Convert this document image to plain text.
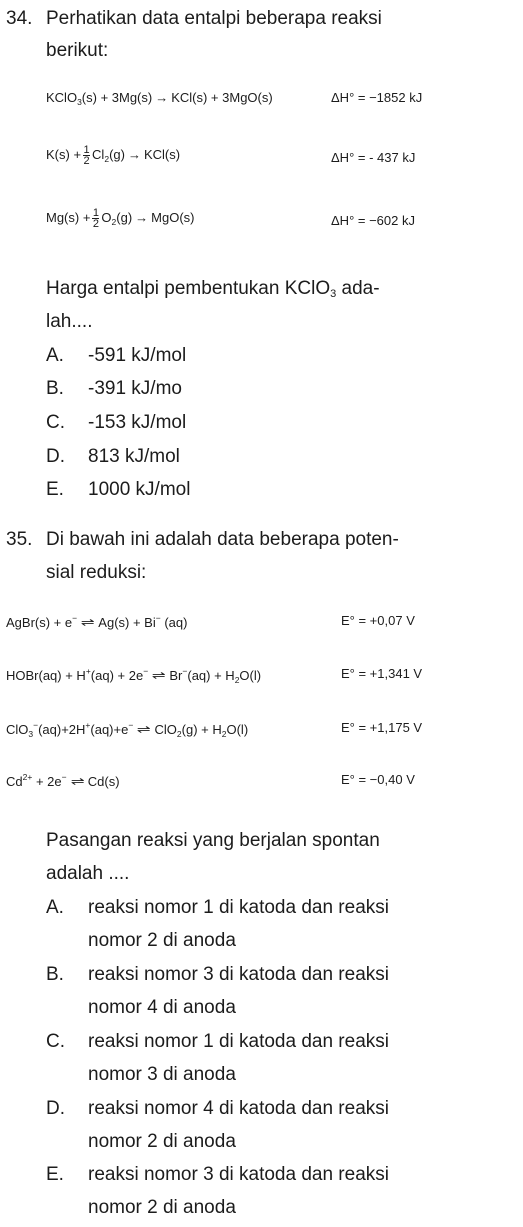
34. Perhatikan data entalpi beberapa reaksi
berikut:
KClO$_3$(s) + 3Mg(s) → KCl(s) + 3MgO(s)	ΔH° = −1852 kJ
$K(s) + \frac{1}{2} Cl_2(g) \to KCl(s)$	ΔH° = - 437 kJ
$Mg(s) + \frac{1}{2} O_2(g) \to MgO(s)$	ΔH° = −602 kJ
Harga entalpi pembentukan KClO$_3$ ada-
lah....
A. -591 kJ/mol
B. -391 kJ/mo
C. -153 kJ/mol
D. 813 kJ/mol
E. 1000 kJ/mol
35. Di bawah ini adalah data beberapa poten-
sial reduksi:
AgBr(s) + e− ⇌ Ag(s) + Bi− (aq)	E° = +0,07 V
HOBr(aq) + H+(aq) + 2e− ⇌ $Br^-(aq) + H_2O(l)$	E° = +1,341 V
ClO$_3$−(aq)+2H+(aq)+e− ⇌ $ClO_2(g) + H_2O(l)$	E° = +1,175 V
$Cd^{2+} + 2e^-$ ⇌ Cd(s)	E° = −0,40 V
Pasangan reaksi yang berjalan spontan
adalah ....
A. reaksi nomor 1 di katoda dan reaksi
nomor 2 di anoda
B. reaksi nomor 3 di katoda dan reaksi
nomor 4 di anoda
C. reaksi nomor 1 di katoda dan reaksi
nomor 3 di anoda
D. reaksi nomor 4 di katoda dan reaksi
nomor 2 di anoda
E. reaksi nomor 3 di katoda dan reaksi
nomor 2 di anoda
